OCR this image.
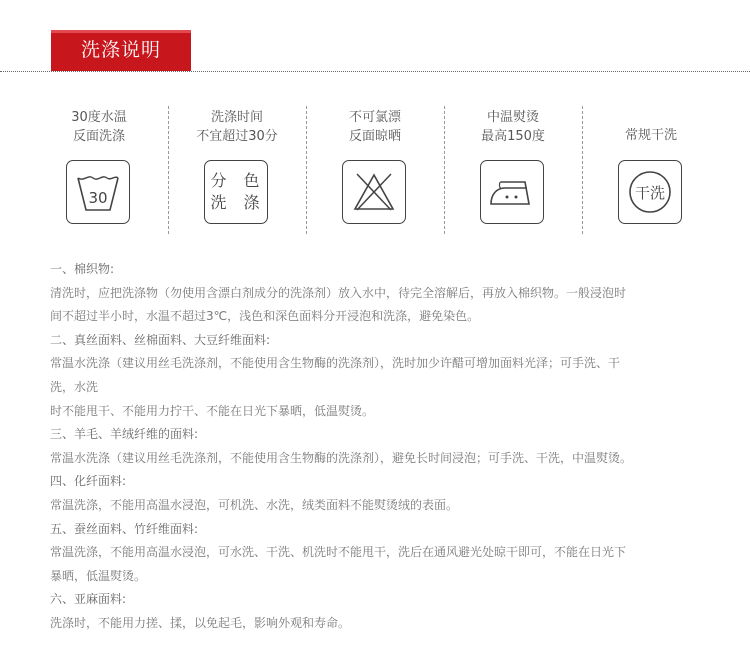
洗涤说明
30度水温
反面洗涤
30
洗涤时间
不宜超过30分
分 色
洗 涤
不可氯漂
反面晾晒
中温熨烫
最高150度	常规干洗
干洗
一、棉织物:
清洗时，应把洗涤物（勿使用含漂白剂成分的洗涤剂）放入水中，待完全溶解后，再放入棉织物。一般浸泡时
间不超过半小时，水温不超过3℃，浅色和深色面料分开浸泡和洗涤，避免染色。
二、真丝面料、丝棉面料、大豆纤维面料:
常温水洗涤（建议用丝毛洗涤剂，不能使用含生物酶的洗涤剂），洗时加少许醋可增加面料光泽；可手洗、干
洗，水洗
时不能甩干、不能用力拧干、不能在日光下暴晒，低温熨烫。
三、羊毛、羊绒纤维的面料:
常温水洗涤（建议用丝毛洗涤剂，不能使用含生物酶的洗涤剂），避免长时间浸泡；可手洗、干洗，中温熨烫。
四、化纤面料:
常温洗涤，不能用高温水浸泡，可机洗、水洗，绒类面料不能熨烫绒的表面。
五、蚕丝面料、竹纤维面料:
常温洗涤，不能用高温水浸泡，可水洗、干洗、机洗时不能甩干，洗后在通风避光处晾干即可，不能在日光下
暴晒，低温熨烫。
六、亚麻面料:
洗涤时，不能用力搓、揉，以免起毛，影响外观和寿命。
